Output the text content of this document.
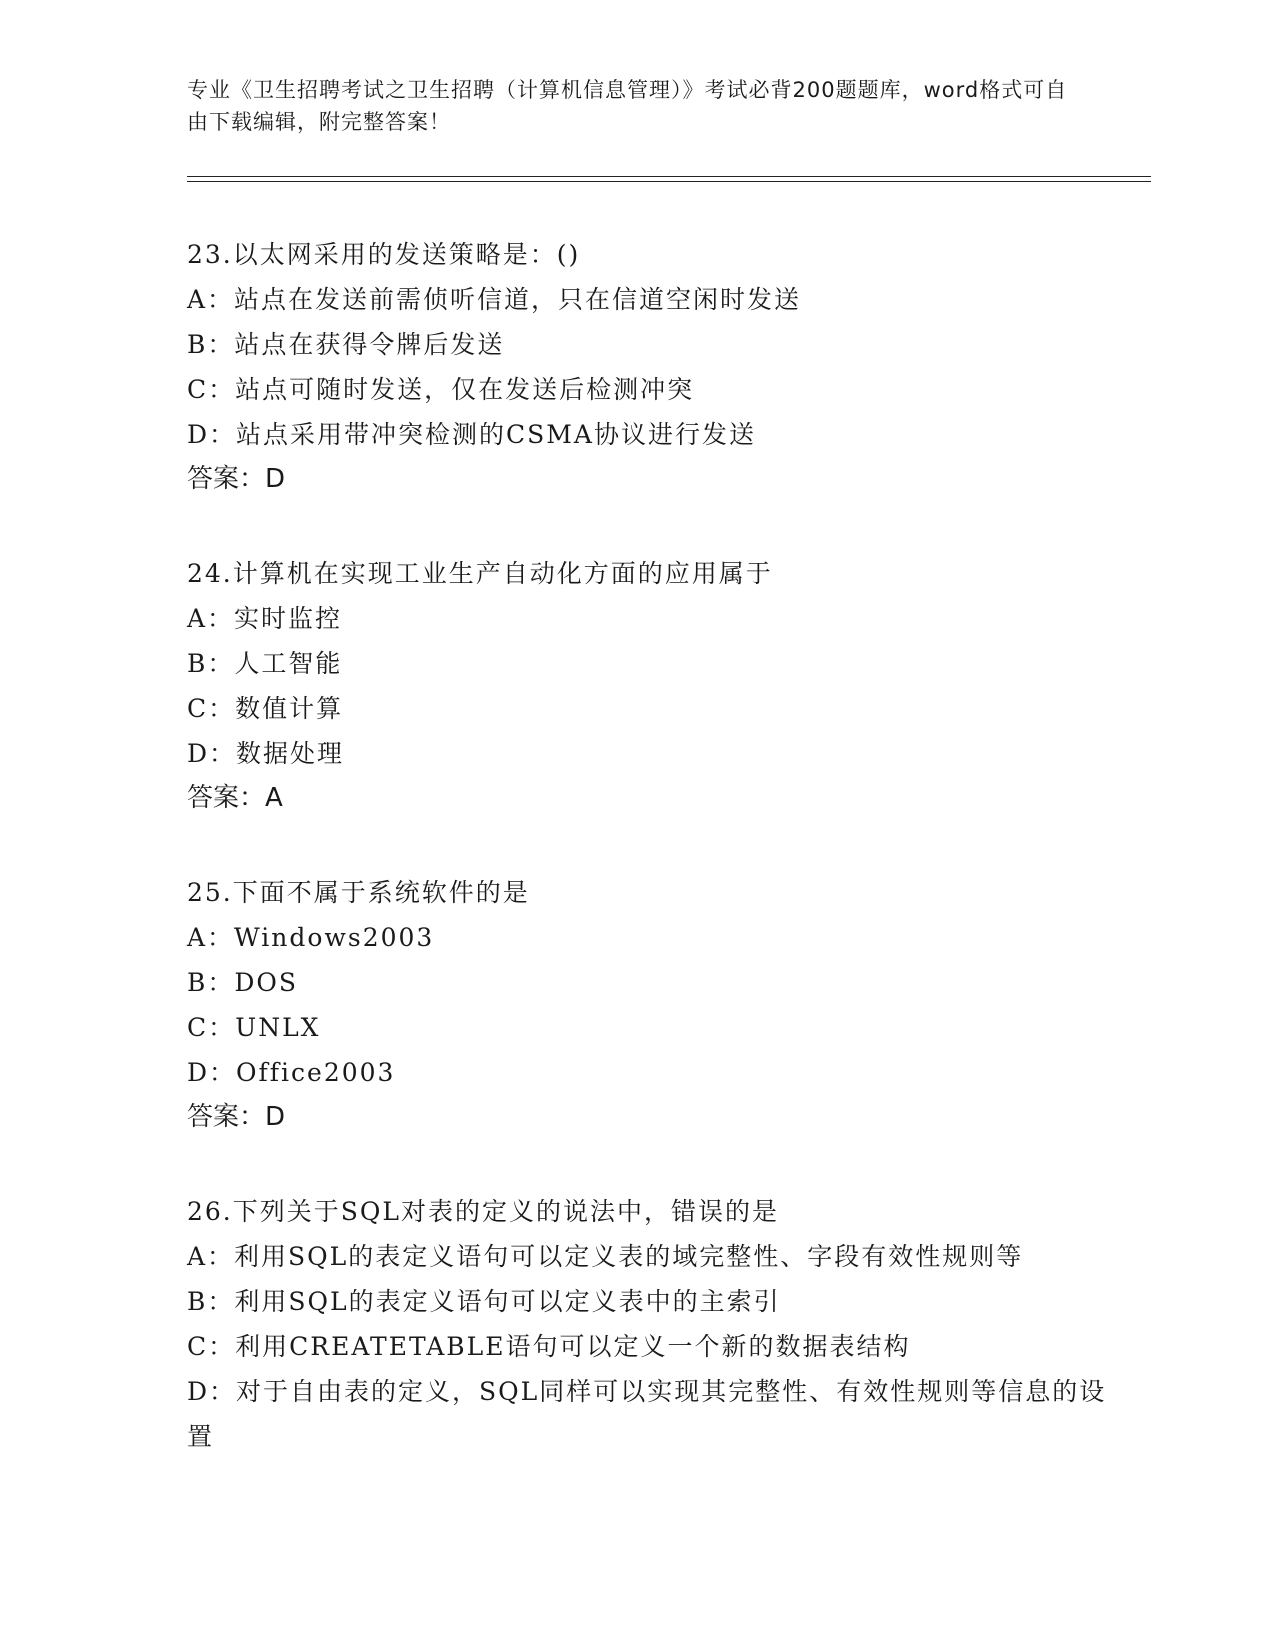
专业《卫生招聘考试之卫生招聘（计算机信息管理）》考试必背200题题库，word格式可自由下载编辑，附完整答案！
23.以太网采用的发送策略是：()
A：站点在发送前需侦听信道，只在信道空闲时发送
B：站点在获得令牌后发送
C：站点可随时发送，仅在发送后检测冲突
D：站点采用带冲突检测的CSMA协议进行发送
答案：D
24.计算机在实现工业生产自动化方面的应用属于
A：实时监控
B：人工智能
C：数值计算
D：数据处理
答案：A
25.下面不属于系统软件的是
A：Windows2003
B：DOS
C：UNLX
D：Office2003
答案：D
26.下列关于SQL对表的定义的说法中，错误的是
A：利用SQL的表定义语句可以定义表的域完整性、字段有效性规则等
B：利用SQL的表定义语句可以定义表中的主索引
C：利用CREATETABLE语句可以定义一个新的数据表结构
D：对于自由表的定义，SQL同样可以实现其完整性、有效性规则等信息的设置
